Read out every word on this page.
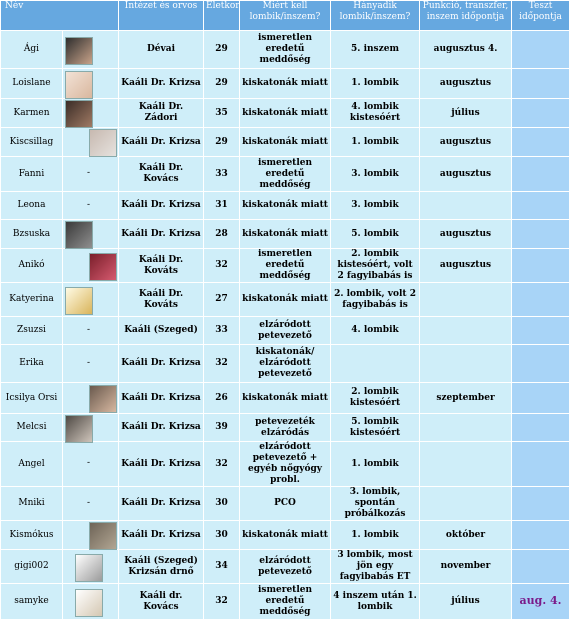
Név		Intézet és orvos	Életkor	Miért kell lombik/inszem?	Hányadik lombik/inszem?	Punkció, transzfer, inszem időpontja	Teszt időpontja
Ági		Dévai	29	ismeretlen eredetű meddőség	5. inszem	augusztus 4.	
Loislane		Kaáli Dr. Krizsa	29	kiskatonák miatt	1. lombik	augusztus	
Karmen		Kaáli Dr. Zádori	35	kiskatonák miatt	4. lombik kistesóért	július	
Kiscsillag		Kaáli Dr. Krizsa	29	kiskatonák miatt	1. lombik	augusztus	
Fanni	-	Kaáli Dr. Kovács	33	ismeretlen eredetű meddőség	3. lombik	augusztus	
Leona	-	Kaáli Dr. Krizsa	31	kiskatonák miatt	3. lombik		
Bzsuska		Kaáli Dr. Krizsa	28	kiskatonák miatt	5. lombik	augusztus	
Anikó		Kaáli Dr. Kováts	32	ismeretlen eredetű meddőség	2. lombik kistesóért, volt 2 fagyibabás is	augusztus	
Katyerina		Kaáli Dr. Kováts	27	kiskatonák miatt	2. lombik, volt 2 fagyibabás is		
Zsuzsi	-	Kaáli (Szeged)	33	elzáródott petevezető	4. lombik		
Erika	-	Kaáli Dr. Krizsa	32	kiskatonák/ elzáródott petevezető			
Icsilya Orsi		Kaáli Dr. Krizsa	26	kiskatonák miatt	2. lombik kistesóért	szeptember	
Melcsi		Kaáli Dr. Krizsa	39	petevezeték elzáródás	5. lombik kistesóért		
Angel	-	Kaáli Dr. Krizsa	32	elzáródott petevezető + egyéb nőgyógy probl.	1. lombik		
Mniki	-	Kaáli Dr. Krizsa	30	PCO	3. lombik, spontán próbálkozás		
Kismókus		Kaáli Dr. Krizsa	30	kiskatonák miatt	1. lombik	október	
gigi002		Kaáli (Szeged) Krizsán drnő	34	elzáródott petevezető	3 lombik, most jön egy fagyibabás ET	november	
samyke		Kaáli dr. Kovács	32	ismeretlen eredetű meddőség	4 inszem után 1. lombik	július	aug. 4.
